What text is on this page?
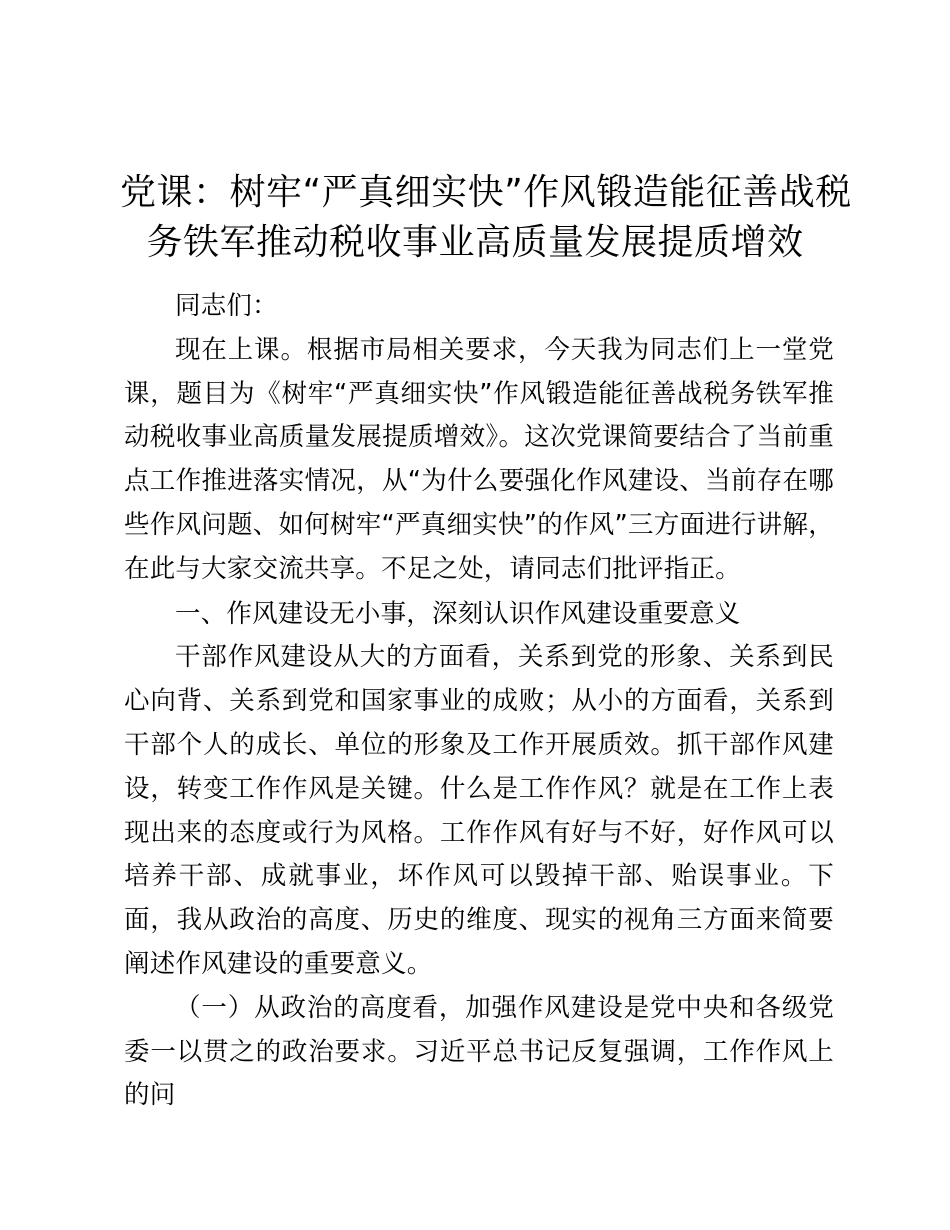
党课：树牢“严真细实快”作风锻造能征善战税
务铁军推动税收事业高质量发展提质增效

同志们：

现在上课。根据市局相关要求，今天我为同志们上一堂党课，题目为《树牢“严真细实快”作风锻造能征善战税务铁军推动税收事业高质量发展提质增效》。这次党课简要结合了当前重点工作推进落实情况，从“为什么要强化作风建设、当前存在哪些作风问题、如何树牢“严真细实快”的作风”三方面进行讲解，在此与大家交流共享。不足之处，请同志们批评指正。

一、作风建设无小事，深刻认识作风建设重要意义

干部作风建设从大的方面看，关系到党的形象、关系到民心向背、关系到党和国家事业的成败；从小的方面看，关系到干部个人的成长、单位的形象及工作开展质效。抓干部作风建设，转变工作作风是关键。什么是工作作风？就是在工作上表现出来的态度或行为风格。工作作风有好与不好，好作风可以培养干部、成就事业，坏作风可以毁掉干部、贻误事业。下面，我从政治的高度、历史的维度、现实的视角三方面来简要阐述作风建设的重要意义。

（一）从政治的高度看，加强作风建设是党中央和各级党委一以贯之的政治要求。习近平总书记反复强调，工作作风上的问
